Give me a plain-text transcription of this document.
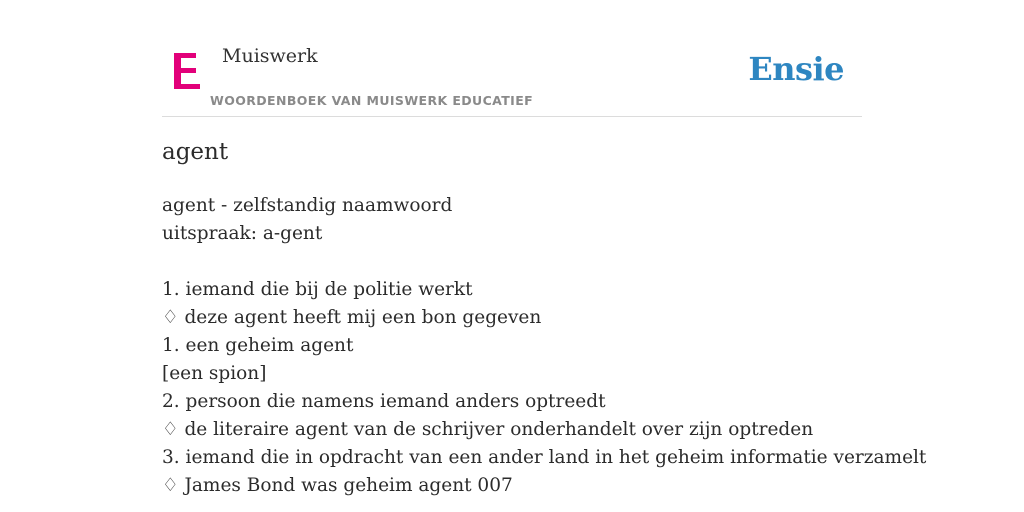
Muiswerk
WOORDENBOEK VAN MUISWERK EDUCATIEF
Ensie
agent
agent - zelfstandig naamwoord
uitspraak: a-gent
1. iemand die bij de politie werkt
♢ deze agent heeft mij een bon gegeven
1. een geheim agent
[een spion]
2. persoon die namens iemand anders optreedt
♢ de literaire agent van de schrijver onderhandelt over zijn optreden
3. iemand die in opdracht van een ander land in het geheim informatie verzamelt
♢ James Bond was geheim agent 007
